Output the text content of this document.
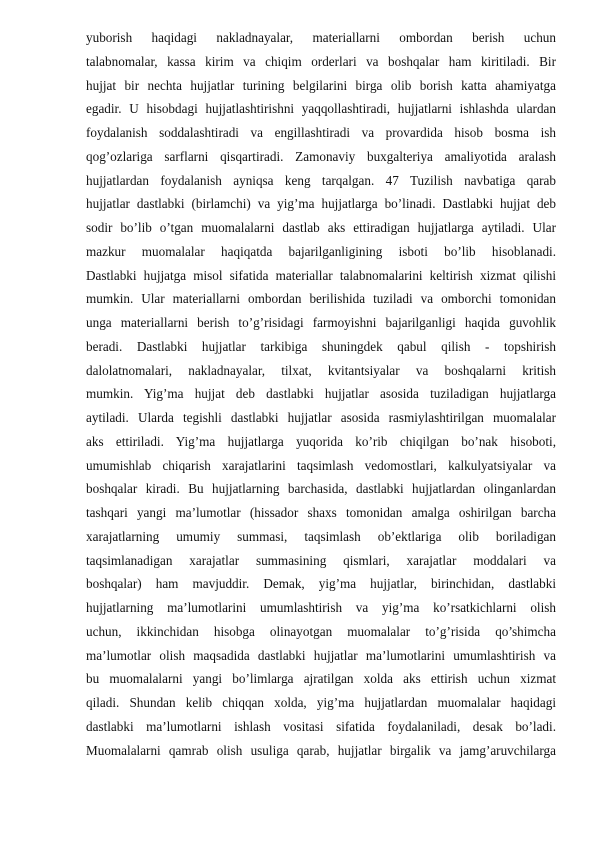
yuborish haqidagi nakladnayalar, materiallarni ombordan berish uchun
talabnomalar, kassa kirim va chiqim orderlari va boshqalar ham kiritiladi. Bir
hujjat bir nechta hujjatlar turining belgilarini birga olib borish katta ahamiyatga
egadir. U hisobdagi hujjatlashtirishni yaqqollashtiradi, hujjatlarni ishlashda ulardan
foydalanish soddalashtiradi va engillashtiradi va provardida hisob bosma ish
qog’ozlariga sarflarni qisqartiradi. Zamonaviy buxgalteriya amaliyotida aralash
hujjatlardan foydalanish ayniqsa keng tarqalgan. 47 Tuzilish navbatiga qarab
hujjatlar dastlabki (birlamchi) va yig’ma hujjatlarga bo’linadi. Dastlabki hujjat deb
sodir bo’lib o’tgan muomalalarni dastlab aks ettiradigan hujjatlarga aytiladi. Ular
mazkur muomalalar haqiqatda bajarilganligining isboti bo’lib hisoblanadi.
Dastlabki hujjatga misol sifatida materiallar talabnomalarini keltirish xizmat qilishi
mumkin. Ular materiallarni ombordan berilishida tuziladi va omborchi tomonidan
unga materiallarni berish to’g’risidagi farmoyishni bajarilganligi haqida guvohlik
beradi. Dastlabki hujjatlar tarkibiga shuningdek qabul qilish - topshirish
dalolatnomalari, nakladnayalar, tilxat, kvitantsiyalar va boshqalarni kritish
mumkin. Yig’ma hujjat deb dastlabki hujjatlar asosida tuziladigan hujjatlarga
aytiladi. Ularda tegishli dastlabki hujjatlar asosida rasmiylashtirilgan muomalalar
aks ettiriladi. Yig’ma hujjatlarga yuqorida ko’rib chiqilgan bo’nak hisoboti,
umumishlab chiqarish xarajatlarini taqsimlash vedomostlari, kalkulyatsiyalar va
boshqalar kiradi. Bu hujjatlarning barchasida, dastlabki hujjatlardan olinganlardan
tashqari yangi ma’lumotlar (hissador shaxs tomonidan amalga oshirilgan barcha
xarajatlarning umumiy summasi, taqsimlash ob’ektlariga olib boriladigan
taqsimlanadigan xarajatlar summasining qismlari, xarajatlar moddalari va
boshqalar) ham mavjuddir. Demak, yig’ma hujjatlar, birinchidan, dastlabki
hujjatlarning ma’lumotlarini umumlashtirish va yig’ma ko’rsatkichlarni olish
uchun, ikkinchidan hisobga olinayotgan muomalalar to’g’risida qo’shimcha
ma’lumotlar olish maqsadida dastlabki hujjatlar ma’lumotlarini umumlashtirish va
bu muomalalarni yangi bo’limlarga ajratilgan xolda aks ettirish uchun xizmat
qiladi. Shundan kelib chiqqan xolda, yig’ma hujjatlardan muomalalar haqidagi
dastlabki ma’lumotlarni ishlash vositasi sifatida foydalaniladi, desak bo’ladi.
Muomalalarni qamrab olish usuliga qarab, hujjatlar birgalik va jamg’aruvchilarga
